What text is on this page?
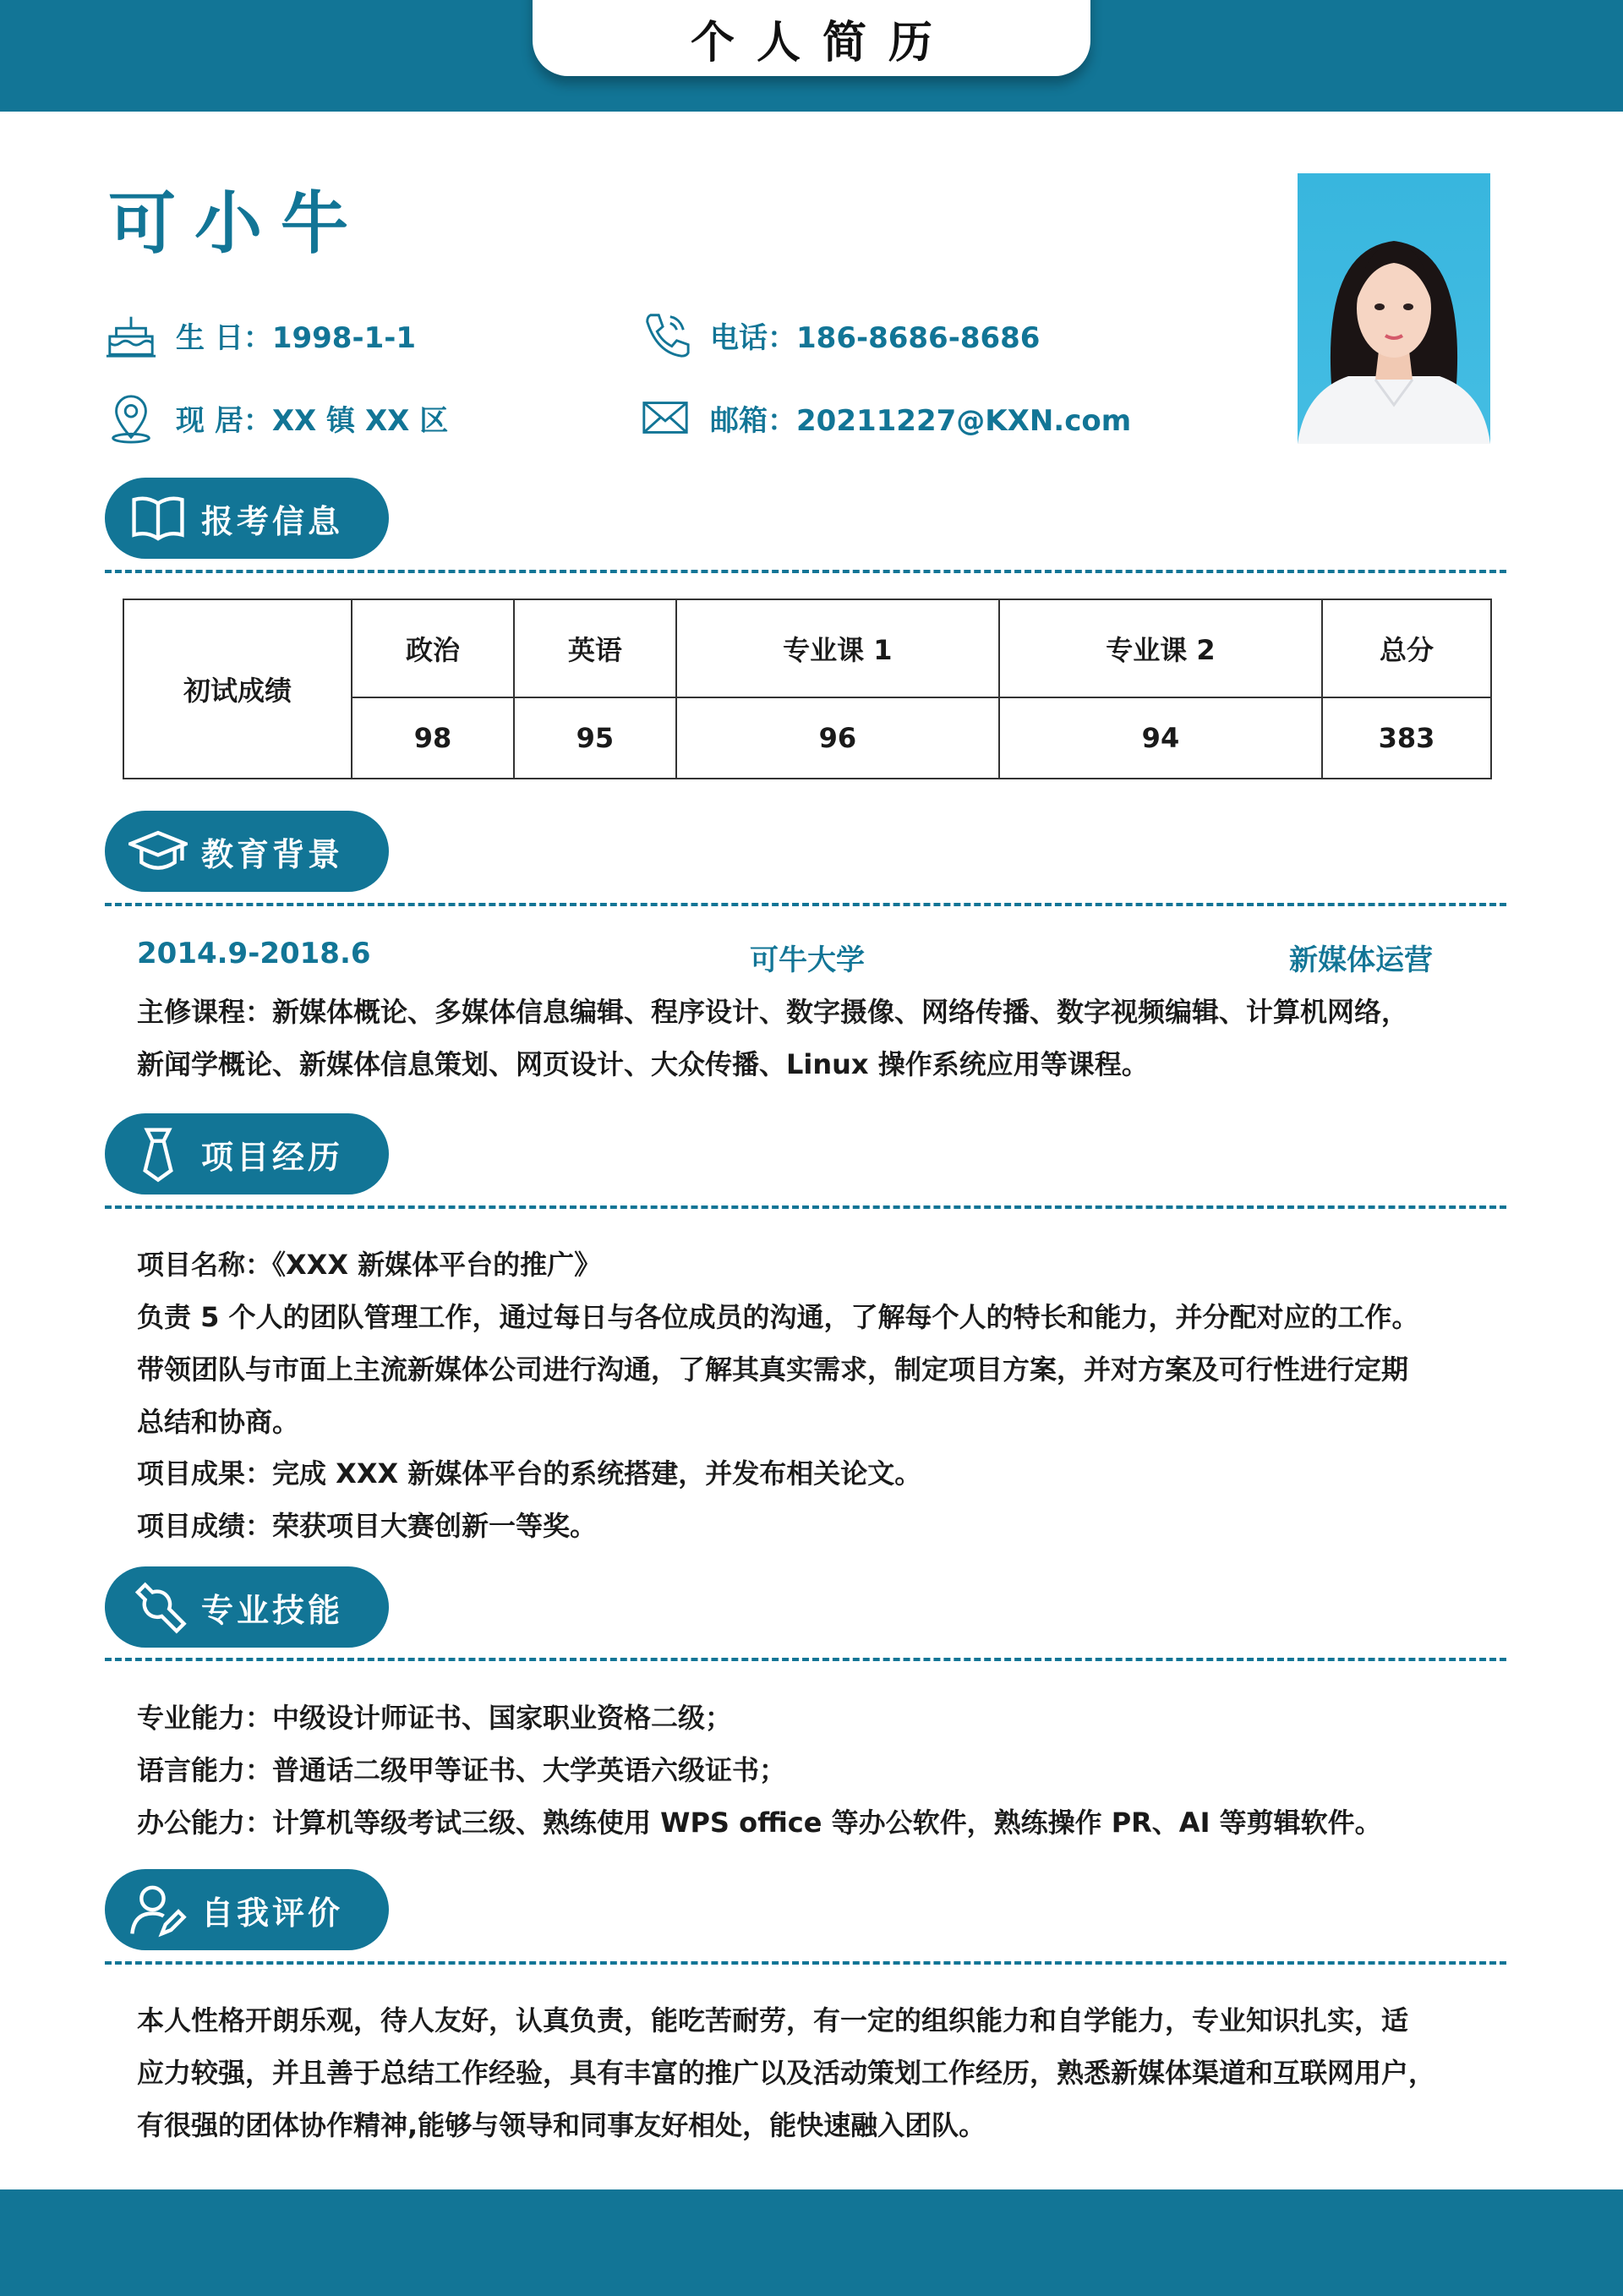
个人简历
可小牛
生 日：1998-1-1	电话：186-8686-8686
现 居：XX 镇 XX 区	邮箱：20211227@KXN.com
报考信息
初试成绩	政治	英语	专业课 1	专业课 2	总分
	98	95	96	94	383
教育背景
2014.9-2018.6	可牛大学	新媒体运营
主修课程：新媒体概论、多媒体信息编辑、程序设计、数字摄像、网络传播、数字视频编辑、计算机网络，
新闻学概论、新媒体信息策划、网页设计、大众传播、Linux 操作系统应用等课程。
项目经历
项目名称：《XXX 新媒体平台的推广》
负责 5 个人的团队管理工作，通过每日与各位成员的沟通，了解每个人的特长和能力，并分配对应的工作。
带领团队与市面上主流新媒体公司进行沟通，了解其真实需求，制定项目方案，并对方案及可行性进行定期
总结和协商。
项目成果：完成 XXX 新媒体平台的系统搭建，并发布相关论文。
项目成绩：荣获项目大赛创新一等奖。
专业技能
专业能力：中级设计师证书、国家职业资格二级；
语言能力：普通话二级甲等证书、大学英语六级证书；
办公能力：计算机等级考试三级、熟练使用 WPS office 等办公软件，熟练操作 PR、AI 等剪辑软件。
自我评价
本人性格开朗乐观，待人友好，认真负责，能吃苦耐劳，有一定的组织能力和自学能力，专业知识扎实，适
应力较强，并且善于总结工作经验，具有丰富的推广以及活动策划工作经历，熟悉新媒体渠道和互联网用户，
有很强的团体协作精神,能够与领导和同事友好相处，能快速融入团队。
